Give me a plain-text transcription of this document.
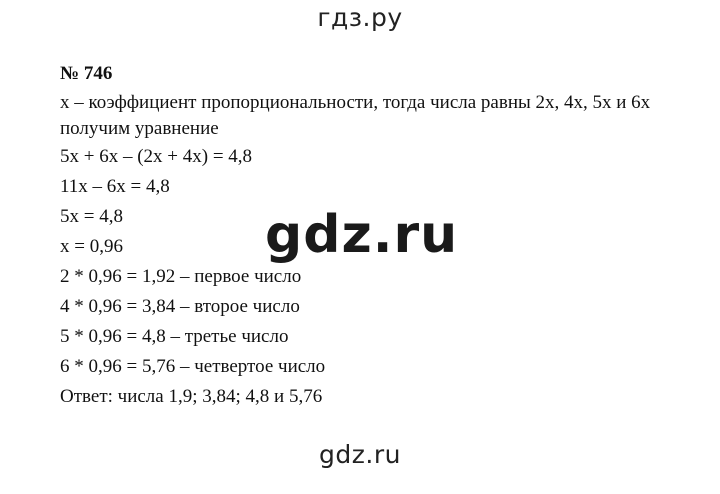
гдз.ру
№ 746
x – коэффициент пропорциональности, тогда числа равны 2x, 4x, 5x и 6x
получим уравнение
5x + 6x – (2x + 4x) = 4,8
11x – 6x = 4,8
5x = 4,8
x = 0,96
2 * 0,96 = 1,92 – первое число
4 * 0,96 = 3,84 – второе число
5 * 0,96 = 4,8 – третье число
6 * 0,96 = 5,76 – четвертое число
Ответ: числа 1,9; 3,84; 4,8 и 5,76
gdz.ru
gdz.ru
